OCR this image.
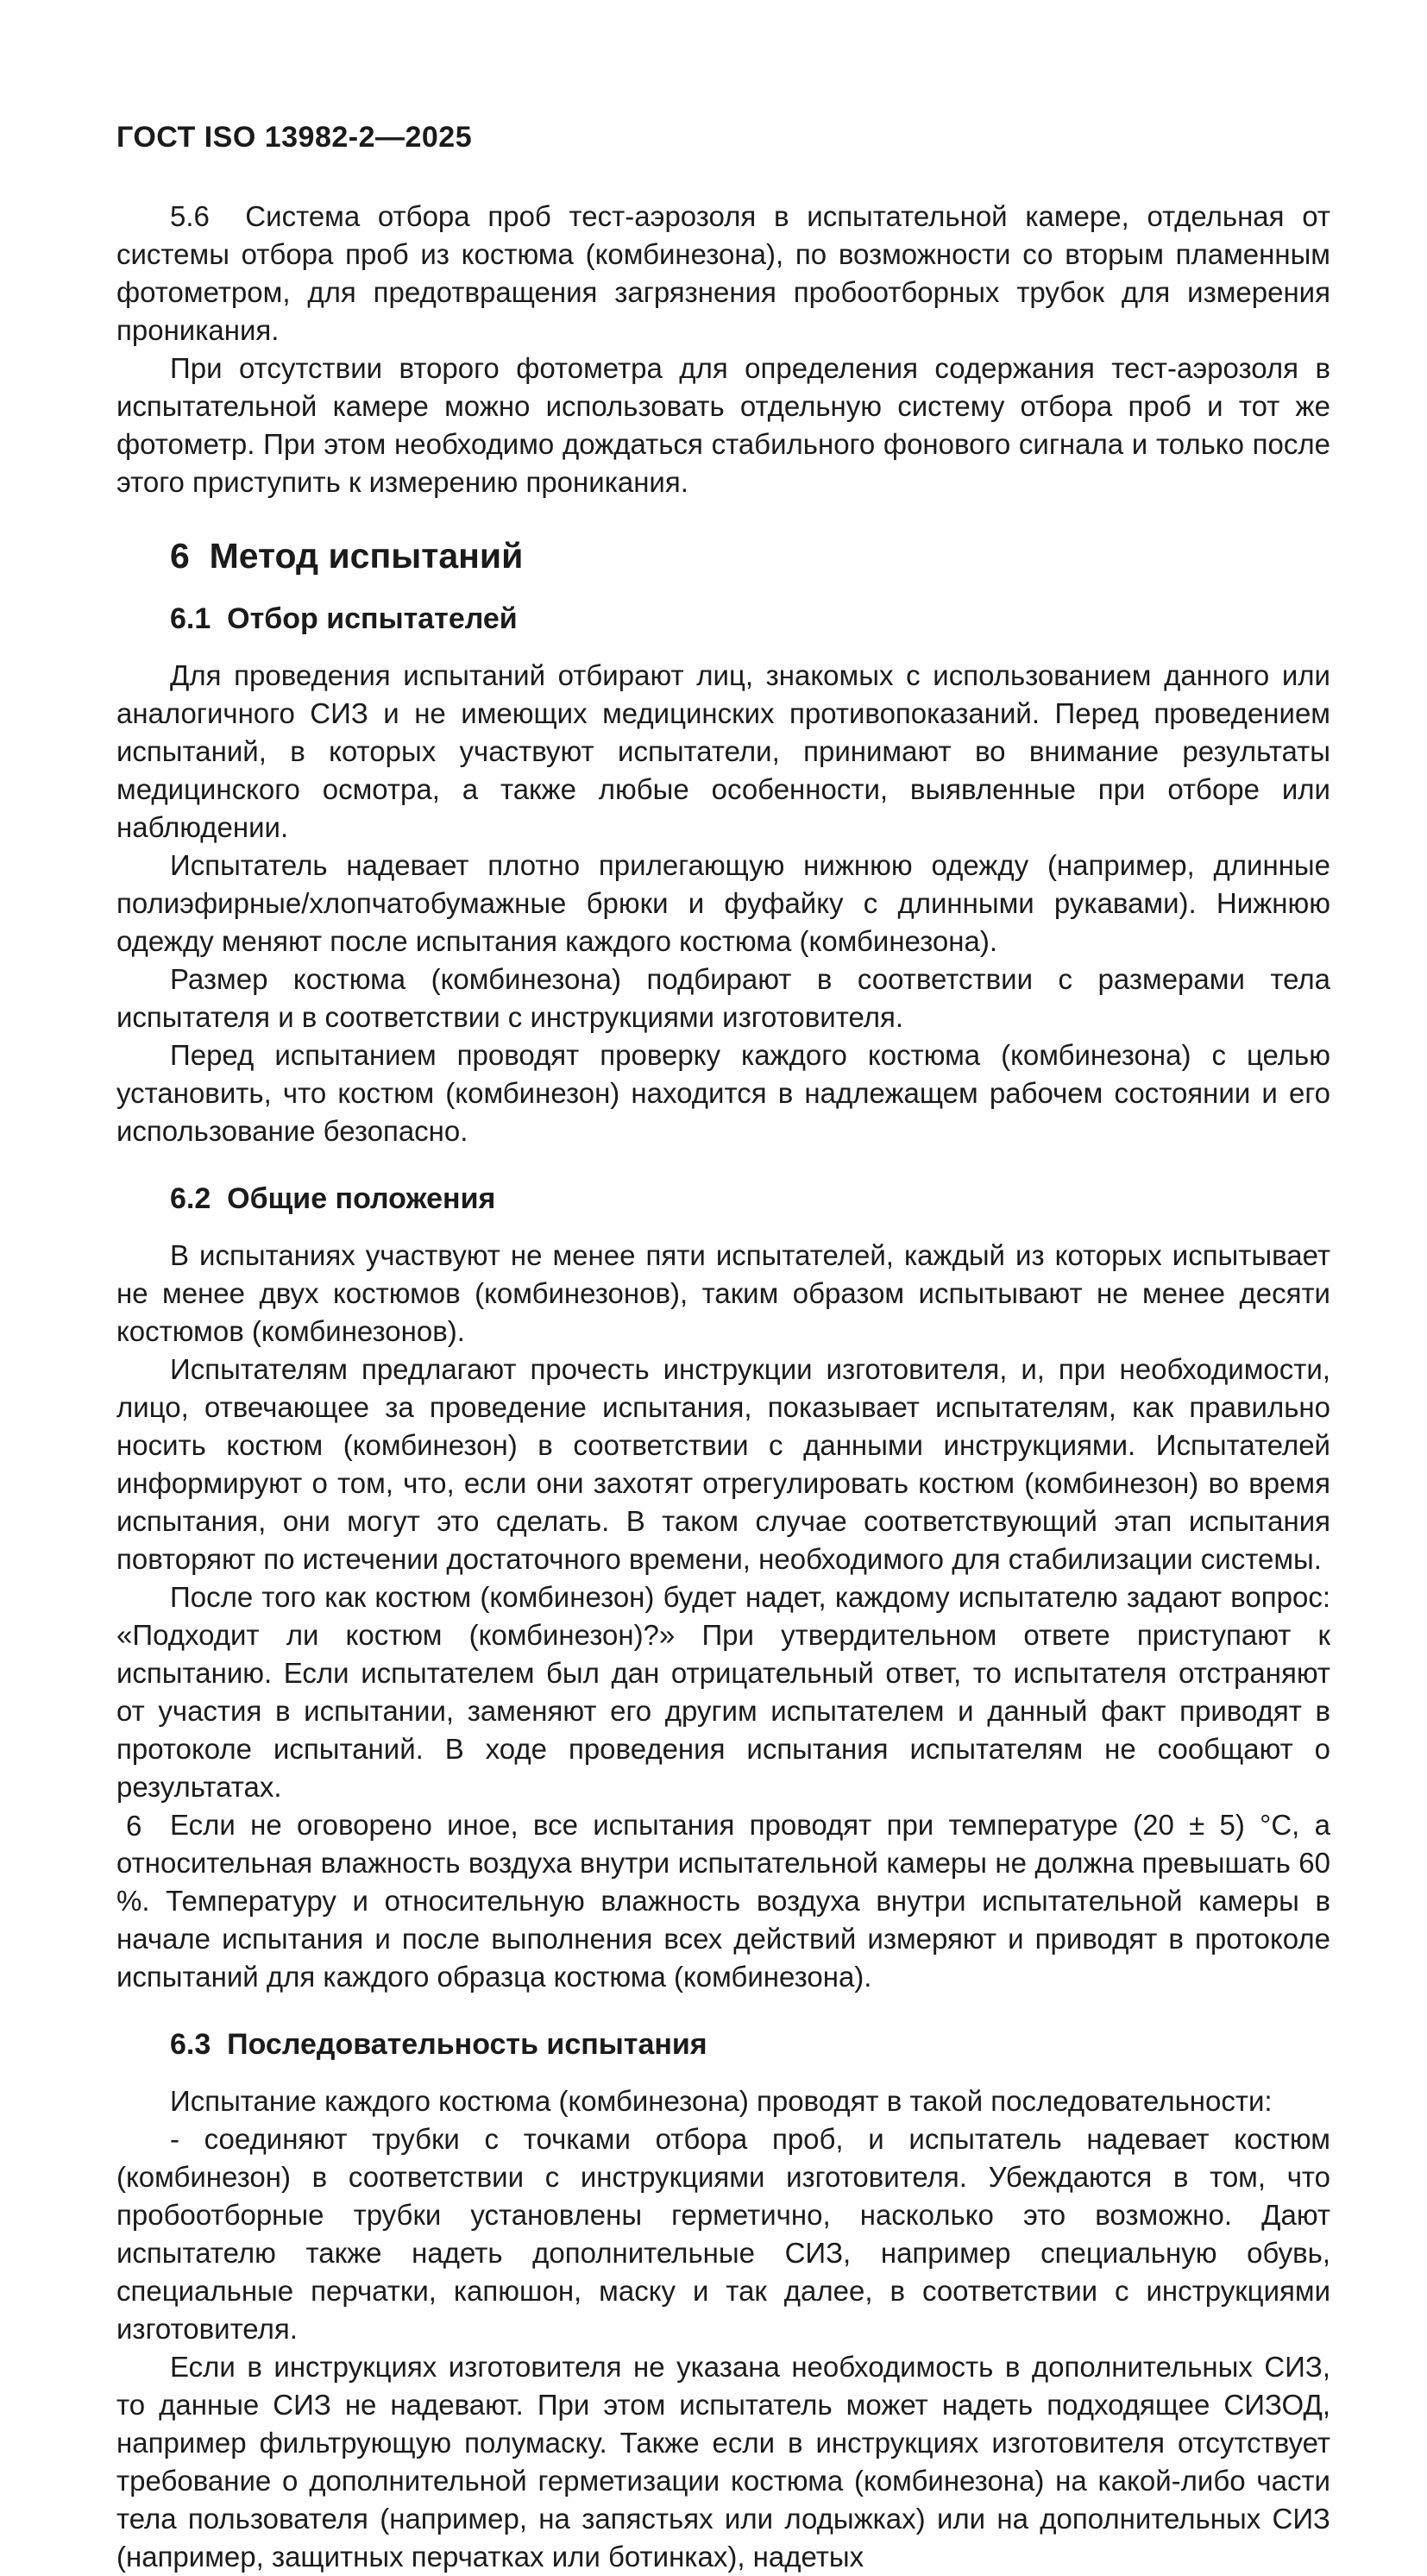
ГОСТ ISO 13982-2—2025

5.6  Система отбора проб тест-аэрозоля в испытательной камере, отдельная от системы отбора проб из костюма (комбинезона), по возможности со вторым пламенным фотометром, для предотвращения загрязнения пробоотборных трубок для измерения проникания.

При отсутствии второго фотометра для определения содержания тест-аэрозоля в испытательной камере можно использовать отдельную систему отбора проб и тот же фотометр. При этом необходимо дождаться стабильного фонового сигнала и только после этого приступить к измерению проникания.

6  Метод испытаний
6.1  Отбор испытателей

Для проведения испытаний отбирают лиц, знакомых с использованием данного или аналогичного СИЗ и не имеющих медицинских противопоказаний. Перед проведением испытаний, в которых участвуют испытатели, принимают во внимание результаты медицинского осмотра, а также любые особенности, выявленные при отборе или наблюдении.

Испытатель надевает плотно прилегающую нижнюю одежду (например, длинные полиэфирные/хлопчатобумажные брюки и фуфайку с длинными рукавами). Нижнюю одежду меняют после испытания каждого костюма (комбинезона).

Размер костюма (комбинезона) подбирают в соответствии с размерами тела испытателя и в соответствии с инструкциями изготовителя.

Перед испытанием проводят проверку каждого костюма (комбинезона) с целью установить, что костюм (комбинезон) находится в надлежащем рабочем состоянии и его использование безопасно.

6.2  Общие положения

В испытаниях участвуют не менее пяти испытателей, каждый из которых испытывает не менее двух костюмов (комбинезонов), таким образом испытывают не менее десяти костюмов (комбинезонов).

Испытателям предлагают прочесть инструкции изготовителя, и, при необходимости, лицо, отвечающее за проведение испытания, показывает испытателям, как правильно носить костюм (комбинезон) в соответствии с данными инструкциями. Испытателей информируют о том, что, если они захотят отрегулировать костюм (комбинезон) во время испытания, они могут это сделать. В таком случае соответствующий этап испытания повторяют по истечении достаточного времени, необходимого для стабилизации системы.

После того как костюм (комбинезон) будет надет, каждому испытателю задают вопрос: «Подходит ли костюм (комбинезон)?» При утвердительном ответе приступают к испытанию. Если испытателем был дан отрицательный ответ, то испытателя отстраняют от участия в испытании, заменяют его другим испытателем и данный факт приводят в протоколе испытаний. В ходе проведения испытания испытателям не сообщают о результатах.

Если не оговорено иное, все испытания проводят при температуре (20 ± 5) °C, а относительная влажность воздуха внутри испытательной камеры не должна превышать 60 %. Температуру и относительную влажность воздуха внутри испытательной камеры в начале испытания и после выполнения всех действий измеряют и приводят в протоколе испытаний для каждого образца костюма (комбинезона).

6.3  Последовательность испытания

Испытание каждого костюма (комбинезона) проводят в такой последовательности:

- соединяют трубки с точками отбора проб, и испытатель надевает костюм (комбинезон) в соответствии с инструкциями изготовителя. Убеждаются в том, что пробоотборные трубки установлены герметично, насколько это возможно. Дают испытателю также надеть дополнительные СИЗ, например специальную обувь, специальные перчатки, капюшон, маску и так далее, в соответствии с инструкциями изготовителя.

Если в инструкциях изготовителя не указана необходимость в дополнительных СИЗ, то данные СИЗ не надевают. При этом испытатель может надеть подходящее СИЗОД, например фильтрующую полумаску. Также если в инструкциях изготовителя отсутствует требование о дополнительной герметизации костюма (комбинезона) на какой-либо части тела пользователя (например, на запястьях или лодыжках) или на дополнительных СИЗ (например, защитных перчатках или ботинках), надетых

6
